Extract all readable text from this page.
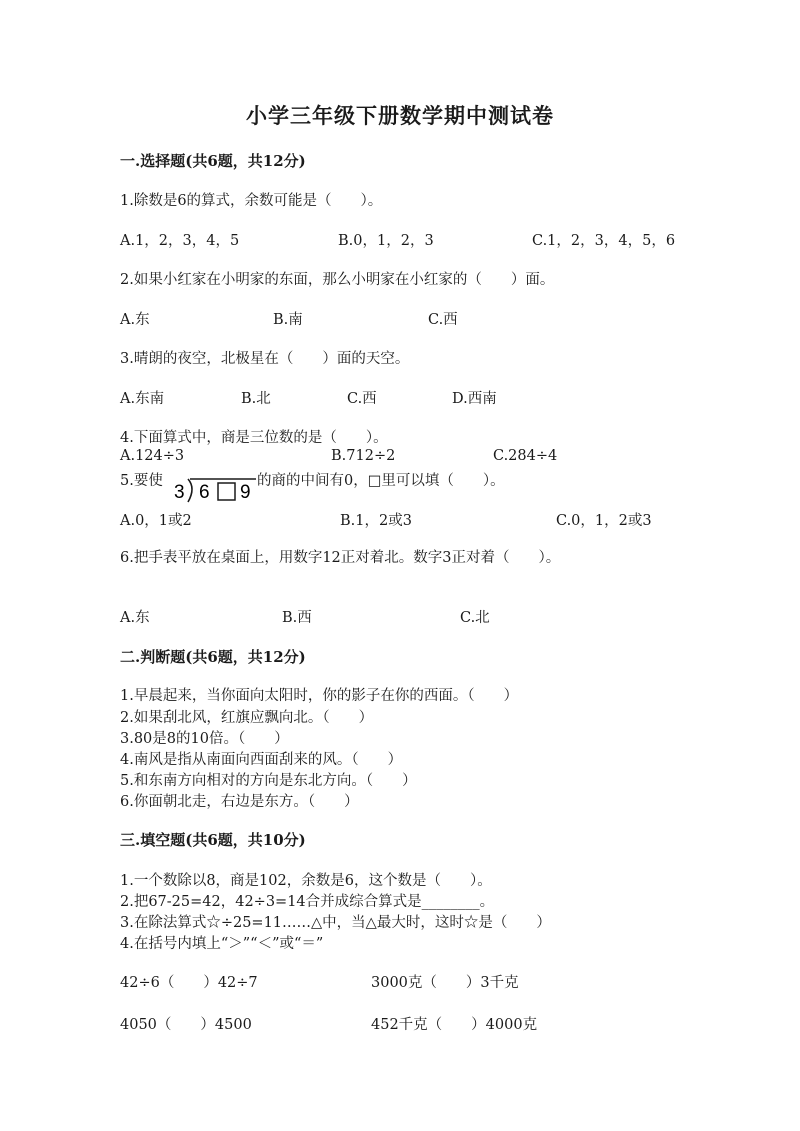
小学三年级下册数学期中测试卷
一.选择题(共6题，共12分)
1.除数是6的算式，余数可能是（　　）。
A.1，2，3，4，5	B.0，1，2，3	C.1，2，3，4，5，6
2.如果小红家在小明家的东面，那么小明家在小红家的（　　）面。
A.东	B.南	C.西
3.晴朗的夜空，北极星在（　　）面的天空。
A.东南	B.北	C.西	D.西南
4.下面算式中，商是三位数的是（　　）。
A.124÷3	B.712÷2	C.284÷4
5.要使
3 6 9
的商的中间有0，□里可以填（　　）。
A.0，1或2	B.1，2或3	C.0，1，2或3
6.把手表平放在桌面上，用数字12正对着北。数字3正对着（　　）。
A.东	B.西	C.北
二.判断题(共6题，共12分)
1.早晨起来，当你面向太阳时，你的影子在你的西面。（　　）
2.如果刮北风，红旗应飘向北。（　　）
3.80是8的10倍。（　　）
4.南风是指从南面向西面刮来的风。（　　）
5.和东南方向相对的方向是东北方向。（　　）
6.你面朝北走，右边是东方。（　　）
三.填空题(共6题，共10分)
1.一个数除以8，商是102，余数是6，这个数是（　　）。
2.把67-25=42，42÷3=14合并成综合算式是________。
3.在除法算式☆÷25=11……△中，当△最大时，这时☆是（　　）
4.在括号内填上“＞”“＜”或“＝”
42÷6（　　）42÷7	3000克（　　）3千克
4050（　　）4500	452千克（　　）4000克
